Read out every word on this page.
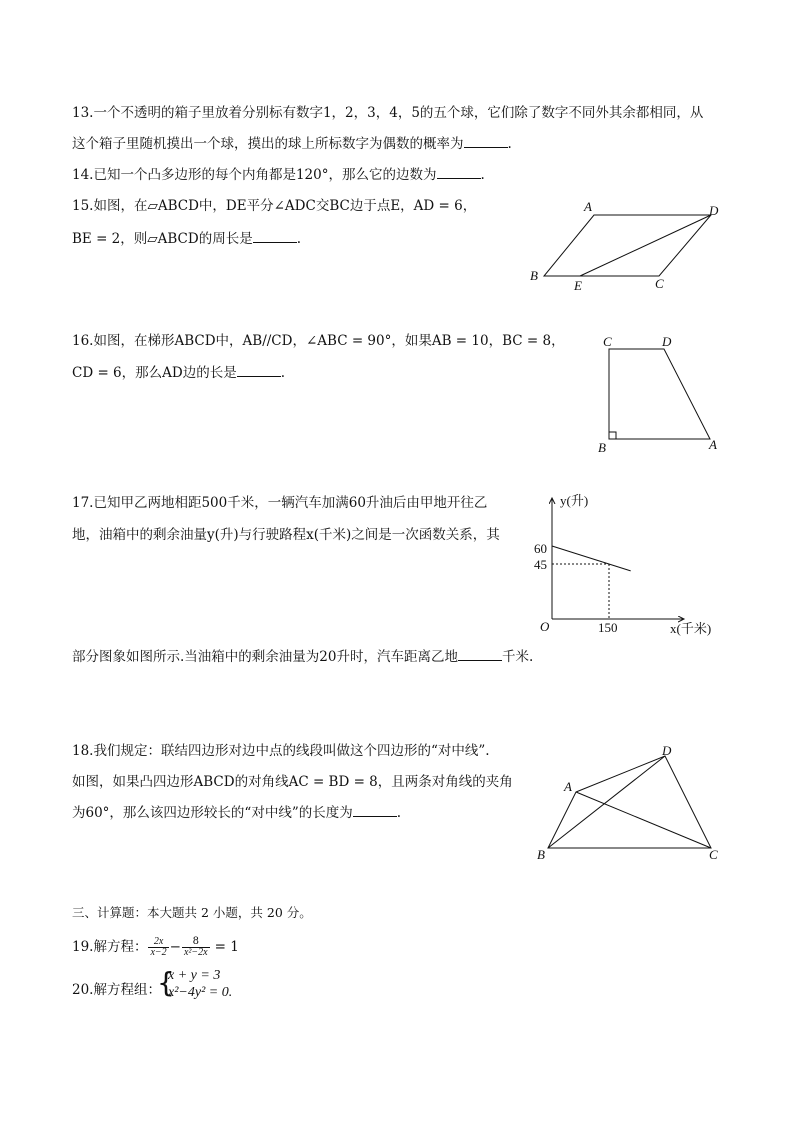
13.一个不透明的箱子里放着分别标有数字1，2，3，4，5的五个球，它们除了数字不同外其余都相同，从
这个箱子里随机摸出一个球，摸出的球上所标数字为偶数的概率为	.
14.已知一个凸多边形的每个内角都是120°，那么它的边数为	.
15.如图，在▱ABCD中，DE平分∠ADC交BC边于点E，AD = 6，
BE = 2，则▱ABCD的周长是	.
A	D
B
E	C
16.如图，在梯形ABCD中，AB//CD，∠ABC = 90°，如果AB = 10，BC = 8，
CD = 6，那么AD边的长是	.
C	D
B	A
17.已知甲乙两地相距500千米，一辆汽车加满60升油后由甲地开往乙
地，油箱中的剩余油量y(升)与行驶路程x(千米)之间是一次函数关系，其
部分图象如图所示.当油箱中的剩余油量为20升时，汽车距离乙地	千米.
y(升)
60
45
150
O	x(千米)
18.我们规定：联结四边形对边中点的线段叫做这个四边形的“对中线”.
如图，如果凸四边形ABCD的对角线AC = BD = 8，且两条对角线的夹角
为60°，那么该四边形较长的“对中线”的长度为	.
A
D
B	C
三、计算题：本大题共 2 小题，共 20 分。
19.解方程： $\frac{2x}{x-2} - \frac{8}{\text{x²−2x}} = 1$
20.解方程组：
{
x + y = 3
x²−4y² = 0.
